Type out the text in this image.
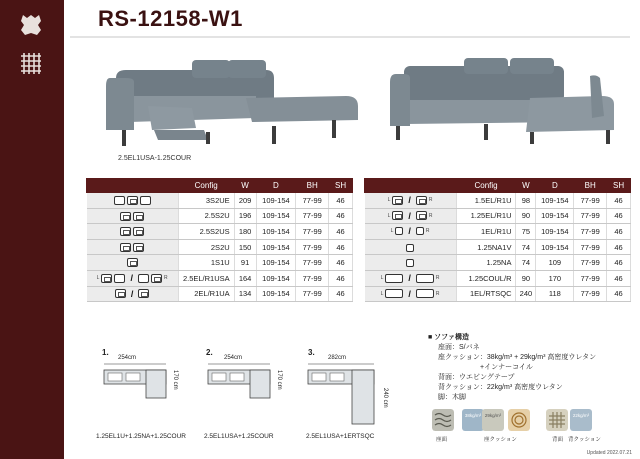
RS-12158-W1
2.5EL1USA-1.25COUR
	Config	W	D	BH	SH

	3S2UE	209	109-154	77-99	46

	2.5S2U	196	109-154	77-99	46

	2.5S2US	180	109-154	77-99	46

	2S2U	150	109-154	77-99	46

	1S1U	91	109-154	77-99	46

L / R	2.5EL/R1USA	164	109-154	77-99	46

/	2EL/R1UA	134	109-154	77-99	46
	Config	W	D	BH	SH

L / R	1.5EL/R1U	98	109-154	77-99	46

L / R	1.25EL/R1U	90	109-154	77-99	46

L / R	1EL/R1U	75	109-154	77-99	46

	1.25NA1V	74	109-154	77-99	46

	1.25NA	74	109	77-99	46

L / R	1.25COUL/R	90	170	77-99	46

L / R	1EL/RTSQC	240	118	77-99	46
■ ソファ構造
座面：S/バネ
座クッション：38kg/m³ + 29kg/m³ 高密度ウレタン
+インナーコイル
背面：ウエビングテープ
背クッション：22kg/m³ 高密度ウレタン
脚：木脚
1.
254cm
170 cm
2.
254cm
170 cm
3.
282cm
240 cm
1.25EL1U+1.25NA+1.25COUR	2.5EL1USA+1.25COUR	2.5EL1USA+1ERTSQC
38kg/m³ 29kg/m³	22kg/m³
座面	座クッション	背面 背クッション
Updated 2022.07.21
